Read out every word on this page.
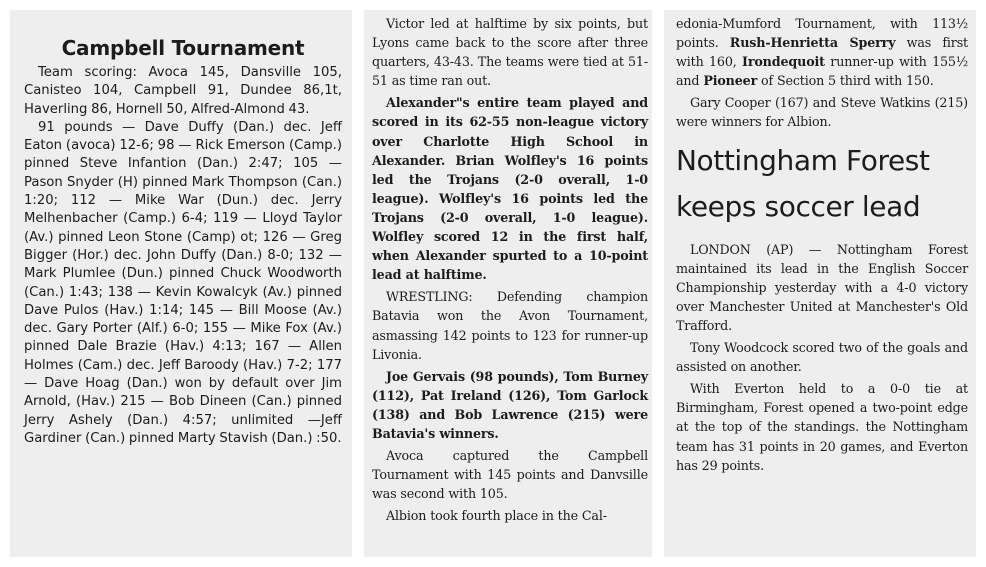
Campbell Tournament

Team scoring: Avoca 145, Dansville 105, Canisteo 104, Campbell 91, Dundee 86,1t, Haverling 86, Hornell 50, Alfred-Almond 43.

91 pounds — Dave Duffy (Dan.) dec. Jeff Eaton (avoca) 12-6; 98 — Rick Emerson (Camp.) pinned Steve Infantion (Dan.) 2:47; 105 — Pason Snyder (H) pinned Mark Thompson (Can.) 1:20; 112 — Mike War (Dun.) dec. Jerry Melhenbacher (Camp.) 6-4; 119 — Lloyd Taylor (Av.) pinned Leon Stone (Camp) ot; 126 — Greg Bigger (Hor.) dec. John Duffy (Dan.) 8-0; 132 — Mark Plumlee (Dun.) pinned Chuck Woodworth (Can.) 1:43; 138 — Kevin Kowalcyk (Av.) pinned Dave Pulos (Hav.) 1:14; 145 — Bill Moose (Av.) dec. Gary Porter (Alf.) 6-0; 155 — Mike Fox (Av.) pinned Dale Brazie (Hav.) 4:13; 167 — Allen Holmes (Cam.) dec. Jeff Baroody (Hav.) 7-2; 177 — Dave Hoag (Dan.) won by default over Jim Arnold, (Hav.) 215 — Bob Dineen (Can.) pinned Jerry Ashely (Dan.) 4:57; unlimited —Jeff Gardiner (Can.) pinned Marty Stavish (Dan.) :50.

Victor led at halftime by six points, but Lyons came back to the score after three quarters, 43-43. The teams were tied at 51-51 as time ran out.

Alexander"s entire team played and scored in its 62-55 non-league victory over Charlotte High School in Alexander. Brian Wolfley's 16 points led the Trojans (2-0 overall, 1-0 league). Wolfley's 16 points led the Trojans (2-0 overall, 1-0 league). Wolfley scored 12 in the first half, when Alexander spurted to a 10-point lead at halftime.

WRESTLING: Defending champion Batavia won the Avon Tournament, asmassing 142 points to 123 for runner-up Livonia.

Joe Gervais (98 pounds), Tom Burney (112), Pat Ireland (126), Tom Garlock (138) and Bob Lawrence (215) were Batavia's winners.

Avoca captured the Campbell Tournament with 145 points and Danvsille was second with 105.

Albion took fourth place in the Cal-

edonia-Mumford Tournament, with 113½ points. Rush-Henrietta Sperry was first with 160, Irondequoit runner-up with 155½ and Pioneer of Section 5 third with 150.

Gary Cooper (167) and Steve Watkins (215) were winners for Albion.

Nottingham Forest keeps soccer lead

LONDON (AP) — Nottingham Forest maintained its lead in the English Soccer Championship yesterday with a 4-0 victory over Manchester United at Manchester's Old Trafford.

Tony Woodcock scored two of the goals and assisted on another.

With Everton held to a 0-0 tie at Birmingham, Forest opened a two-point edge at the top of the standings. the Nottingham team has 31 points in 20 games, and Everton has 29 points.
